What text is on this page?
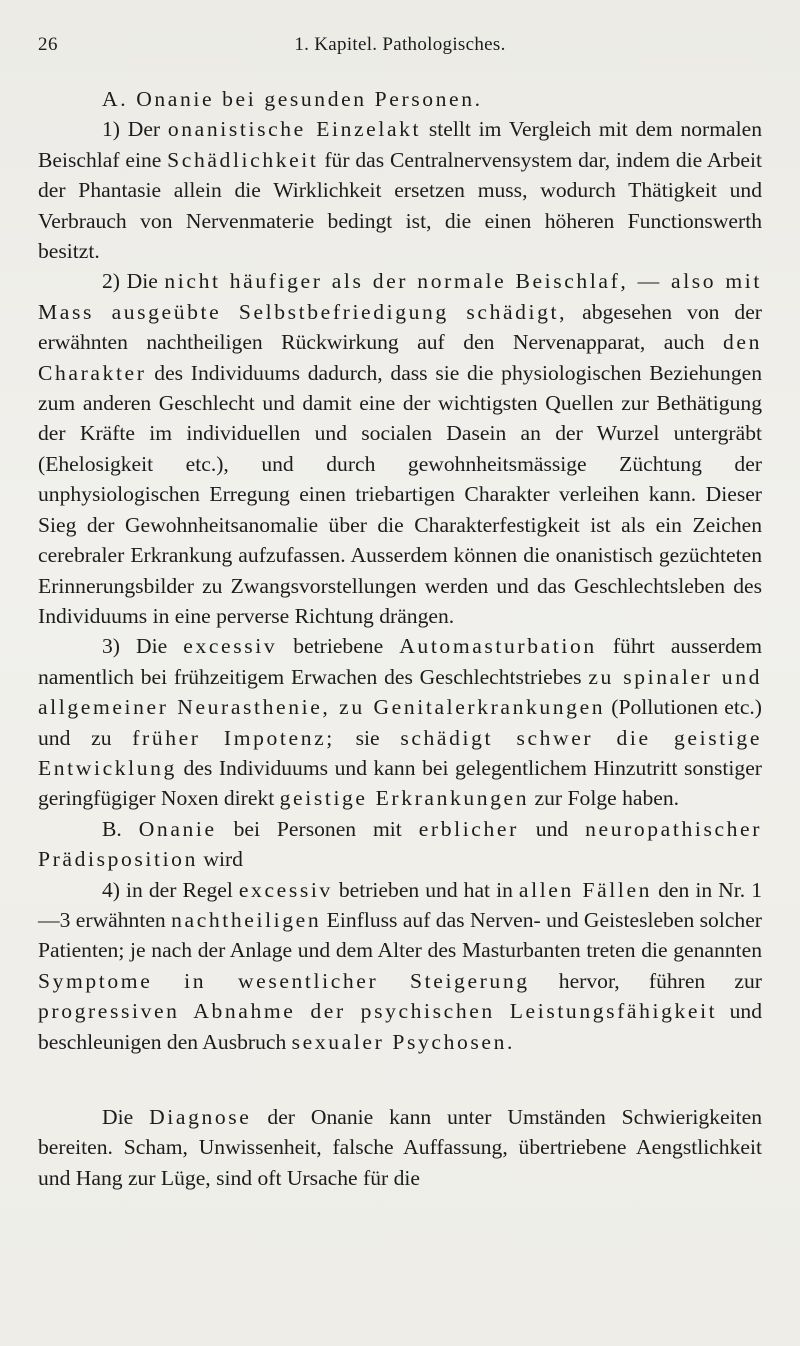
26	1. Kapitel. Pathologisches.

A. Onanie bei gesunden Personen.

1) Der onanistische Einzelakt stellt im Vergleich mit dem normalen Beischlaf eine Schädlichkeit für das Centralnervensystem dar, indem die Arbeit der Phantasie allein die Wirklichkeit ersetzen muss, wodurch Thätigkeit und Verbrauch von Nervenmaterie bedingt ist, die einen höheren Functionswerth besitzt.

2) Die nicht häufiger als der normale Beischlaf, — also mit Mass ausgeübte Selbstbefriedigung schädigt, abgesehen von der erwähnten nachtheiligen Rückwirkung auf den Nervenapparat, auch den Charakter des Individuums dadurch, dass sie die physiologischen Beziehungen zum anderen Geschlecht und damit eine der wichtigsten Quellen zur Bethätigung der Kräfte im individuellen und socialen Dasein an der Wurzel untergräbt (Ehelosigkeit etc.), und durch gewohnheitsmässige Züchtung der unphysiologischen Erregung einen triebartigen Charakter verleihen kann. Dieser Sieg der Gewohnheitsanomalie über die Charakterfestigkeit ist als ein Zeichen cerebraler Erkrankung aufzufassen. Ausserdem können die onanistisch gezüchteten Erinnerungsbilder zu Zwangsvorstellungen werden und das Geschlechtsleben des Individuums in eine perverse Richtung drängen.

3) Die excessiv betriebene Automasturbation führt ausserdem namentlich bei frühzeitigem Erwachen des Geschlechtstriebes zu spinaler und allgemeiner Neurasthenie, zu Genitalerkrankungen (Pollutionen etc.) und zu früher Impotenz; sie schädigt schwer die geistige Entwicklung des Individuums und kann bei gelegentlichem Hinzutritt sonstiger geringfügiger Noxen direkt geistige Erkrankungen zur Folge haben.

B. Onanie bei Personen mit erblicher und neuropathischer Prädisposition wird

4) in der Regel excessiv betrieben und hat in allen Fällen den in Nr. 1—3 erwähnten nachtheiligen Einfluss auf das Nerven- und Geistesleben solcher Patienten; je nach der Anlage und dem Alter des Masturbanten treten die genannten Symptome in wesentlicher Steigerung hervor, führen zur progressiven Abnahme der psychischen Leistungsfähigkeit und beschleunigen den Ausbruch sexualer Psychosen.

Die Diagnose der Onanie kann unter Umständen Schwierigkeiten bereiten. Scham, Unwissenheit, falsche Auffassung, übertriebene Aengstlichkeit und Hang zur Lüge, sind oft Ursache für die
